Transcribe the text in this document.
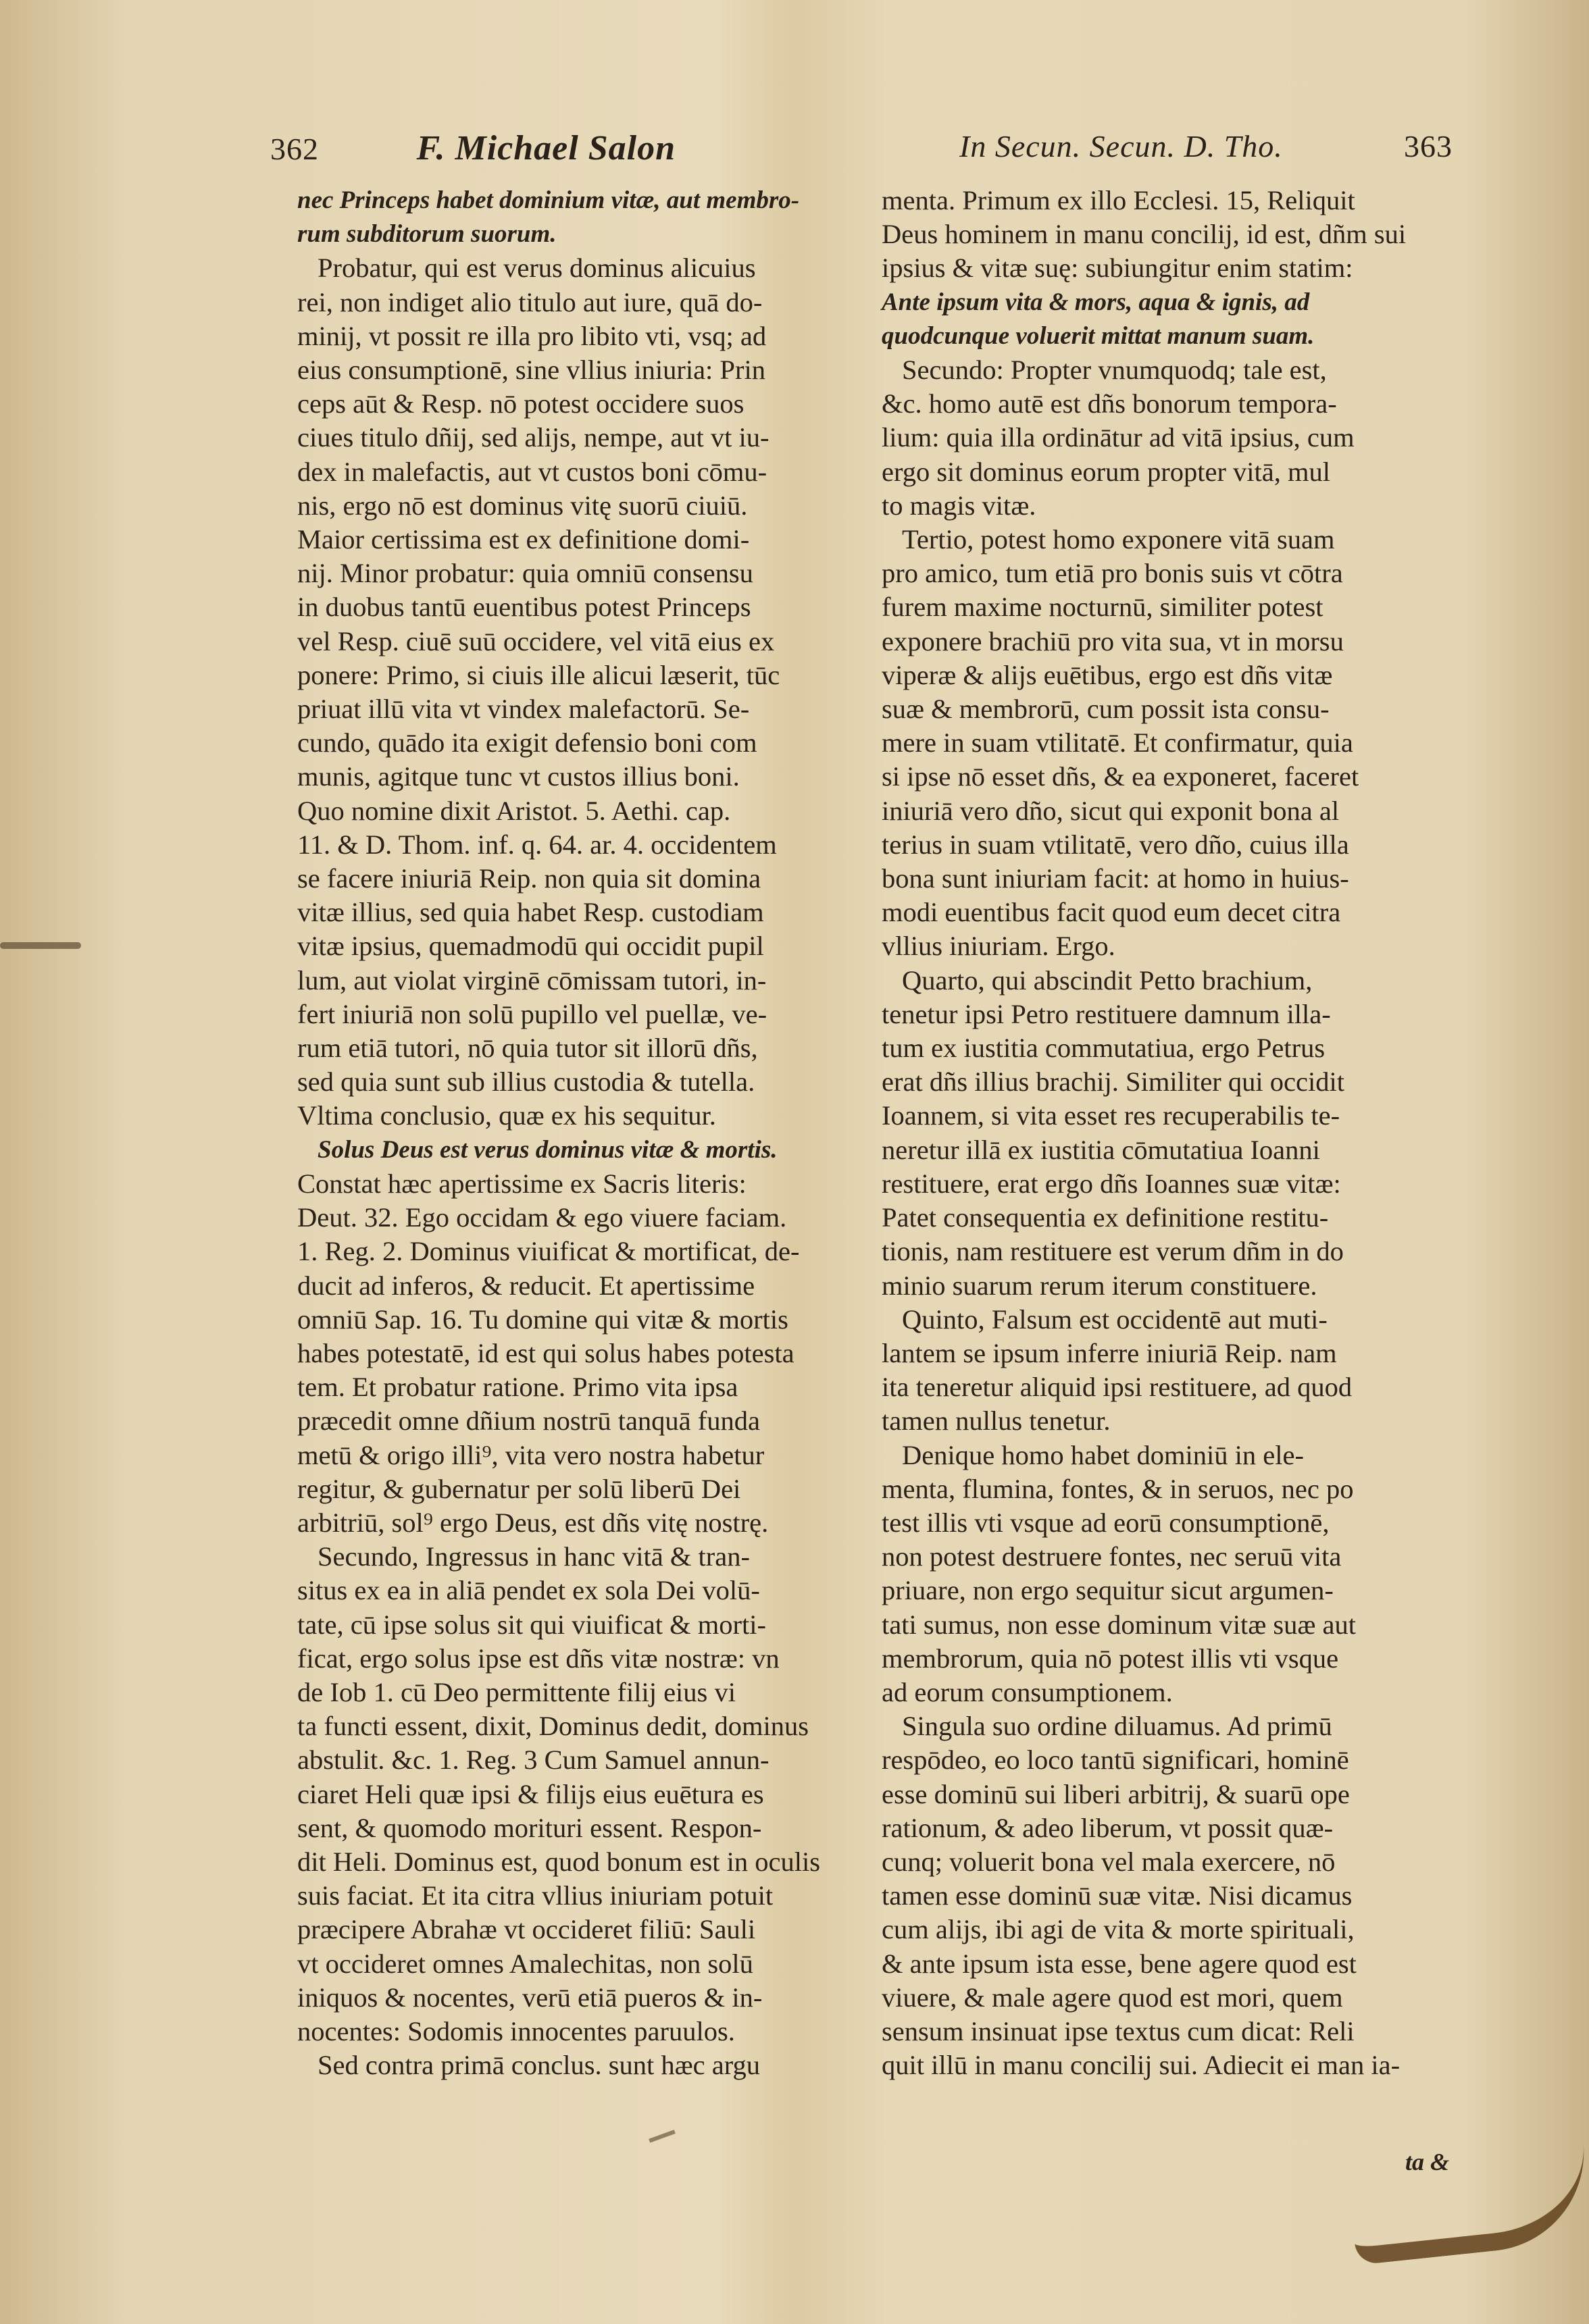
362	F. Michael Salon	In Secun. Secun. D. Tho.	363
nec Princeps habet dominium vitæ, aut membro-
rum subditorum suorum.
Probatur, qui est verus dominus alicuius
rei, non indiget alio titulo aut iure, quā do-
minij, vt possit re illa pro libito vti, vsq; ad
eius consumptionē, sine vllius iniuria: Prin
ceps aūt & Resp. nō potest occidere suos
ciues titulo dñij, sed alijs, nempe, aut vt iu-
dex in malefactis, aut vt custos boni cōmu-
nis, ergo nō est dominus vitę suorū ciuiū.
Maior certissima est ex definitione domi-
nij. Minor probatur: quia omniū consensu
in duobus tantū euentibus potest Princeps
vel Resp. ciuē suū occidere, vel vitā eius ex
ponere: Primo, si ciuis ille alicui læserit, tūc
priuat illū vita vt vindex malefactorū. Se-
cundo, quādo ita exigit defensio boni com
munis, agitque tunc vt custos illius boni.
Quo nomine dixit Aristot. 5. Aethi. cap.
11. & D. Thom. inf. q. 64. ar. 4. occidentem
se facere iniuriā Reip. non quia sit domina
vitæ illius, sed quia habet Resp. custodiam
vitæ ipsius, quemadmodū qui occidit pupil
lum, aut violat virginē cōmissam tutori, in-
fert iniuriā non solū pupillo vel puellæ, ve-
rum etiā tutori, nō quia tutor sit illorū dñs,
sed quia sunt sub illius custodia & tutella.
Vltima conclusio, quæ ex his sequitur.
Solus Deus est verus dominus vitæ & mortis.
Constat hæc apertissime ex Sacris literis:
Deut. 32. Ego occidam & ego viuere faciam.
1. Reg. 2. Dominus viuificat & mortificat, de-
ducit ad inferos, & reducit. Et apertissime
omniū Sap. 16. Tu domine qui vitæ & mortis
habes potestatē, id est qui solus habes potesta
tem. Et probatur ratione. Primo vita ipsa
præcedit omne dñium nostrū tanquā funda
metū & origo illi⁹, vita vero nostra habetur
regitur, & gubernatur per solū liberū Dei
arbitriū, sol⁹ ergo Deus, est dñs vitę nostrę.
Secundo, Ingressus in hanc vitā & tran-
situs ex ea in aliā pendet ex sola Dei volū-
tate, cū ipse solus sit qui viuificat & morti-
ficat, ergo solus ipse est dñs vitæ nostræ: vn
de Iob 1. cū Deo permittente filij eius vi
ta functi essent, dixit, Dominus dedit, dominus
abstulit. &c. 1. Reg. 3 Cum Samuel annun-
ciaret Heli quæ ipsi & filijs eius euētura es
sent, & quomodo morituri essent. Respon-
dit Heli. Dominus est, quod bonum est in oculis
suis faciat. Et ita citra vllius iniuriam potuit
præcipere Abrahæ vt occideret filiū: Sauli
vt occideret omnes Amalechitas, non solū
iniquos & nocentes, verū etiā pueros & in-
nocentes: Sodomis innocentes paruulos.
Sed contra primā conclus. sunt hæc argu
menta. Primum ex illo Ecclesi. 15, Reliquit
Deus hominem in manu concilij, id est, dñm sui
ipsius & vitæ suę: subiungitur enim statim:
Ante ipsum vita & mors, aqua & ignis, ad
quodcunque voluerit mittat manum suam.
Secundo: Propter vnumquodq; tale est,
&c. homo autē est dñs bonorum tempora-
lium: quia illa ordinātur ad vitā ipsius, cum
ergo sit dominus eorum propter vitā, mul
to magis vitæ.
Tertio, potest homo exponere vitā suam
pro amico, tum etiā pro bonis suis vt cōtra
furem maxime nocturnū, similiter potest
exponere brachiū pro vita sua, vt in morsu
viperæ & alijs euētibus, ergo est dñs vitæ
suæ & membrorū, cum possit ista consu-
mere in suam vtilitatē. Et confirmatur, quia
si ipse nō esset dñs, & ea exponeret, faceret
iniuriā vero dño, sicut qui exponit bona al
terius in suam vtilitatē, vero dño, cuius illa
bona sunt iniuriam facit: at homo in huius-
modi euentibus facit quod eum decet citra
vllius iniuriam. Ergo.
Quarto, qui abscindit Petto brachium,
tenetur ipsi Petro restituere damnum illa-
tum ex iustitia commutatiua, ergo Petrus
erat dñs illius brachij. Similiter qui occidit
Ioannem, si vita esset res recuperabilis te-
neretur illā ex iustitia cōmutatiua Ioanni
restituere, erat ergo dñs Ioannes suæ vitæ:
Patet consequentia ex definitione restitu-
tionis, nam restituere est verum dñm in do
minio suarum rerum iterum constituere.
Quinto, Falsum est occidentē aut muti-
lantem se ipsum inferre iniuriā Reip. nam
ita teneretur aliquid ipsi restituere, ad quod
tamen nullus tenetur.
Denique homo habet dominiū in ele-
menta, flumina, fontes, & in seruos, nec po
test illis vti vsque ad eorū consumptionē,
non potest destruere fontes, nec seruū vita
priuare, non ergo sequitur sicut argumen-
tati sumus, non esse dominum vitæ suæ aut
membrorum, quia nō potest illis vti vsque
ad eorum consumptionem.
Singula suo ordine diluamus. Ad primū
respōdeo, eo loco tantū significari, hominē
esse dominū sui liberi arbitrij, & suarū ope
rationum, & adeo liberum, vt possit quæ-
cunq; voluerit bona vel mala exercere, nō
tamen esse dominū suæ vitæ. Nisi dicamus
cum alijs, ibi agi de vita & morte spirituali,
& ante ipsum ista esse, bene agere quod est
viuere, & male agere quod est mori, quem
sensum insinuat ipse textus cum dicat: Reli
quit illū in manu concilij sui. Adiecit ei man ia-
ta &
